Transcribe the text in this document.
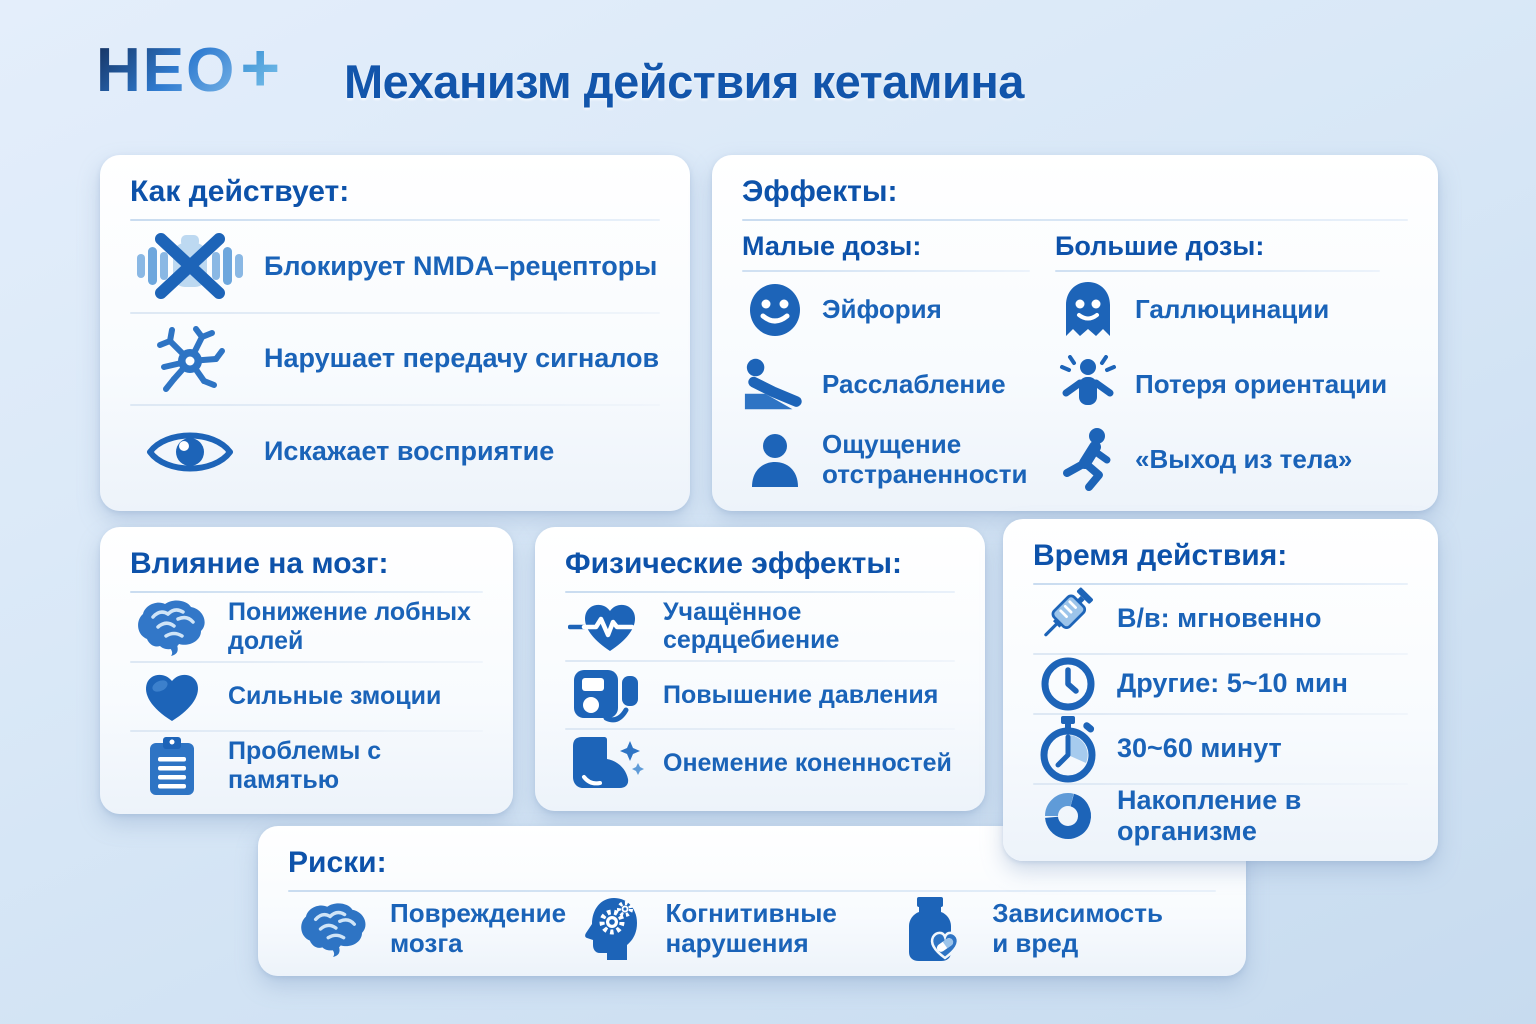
НЕО + Механизм действия кетамина
Как действует:
Блокирует NMDA–рецепторы
Нарушает передачу сигналов
Искажает восприятие
Эффекты:
Малые дозы:
Эйфория
Расслабление
Ощущение отстраненности
Большие дозы:
Галлюцинации
Потеря ориентации
«Выход из тела»
Влияние на мозг:
Понижение лобных долей
Сильные змоции
Проблемы с памятью
Физические эффекты:
Учащённое сердцебиение
Повышение давления
Онемение коненностей
Риски:
Повреждение мозга
Когнитивные нарушения
Зависимость и вред
Время действия:
В/в: мгновенно
Другие: 5~10 мин
30~60 минут
Накопление в организме
